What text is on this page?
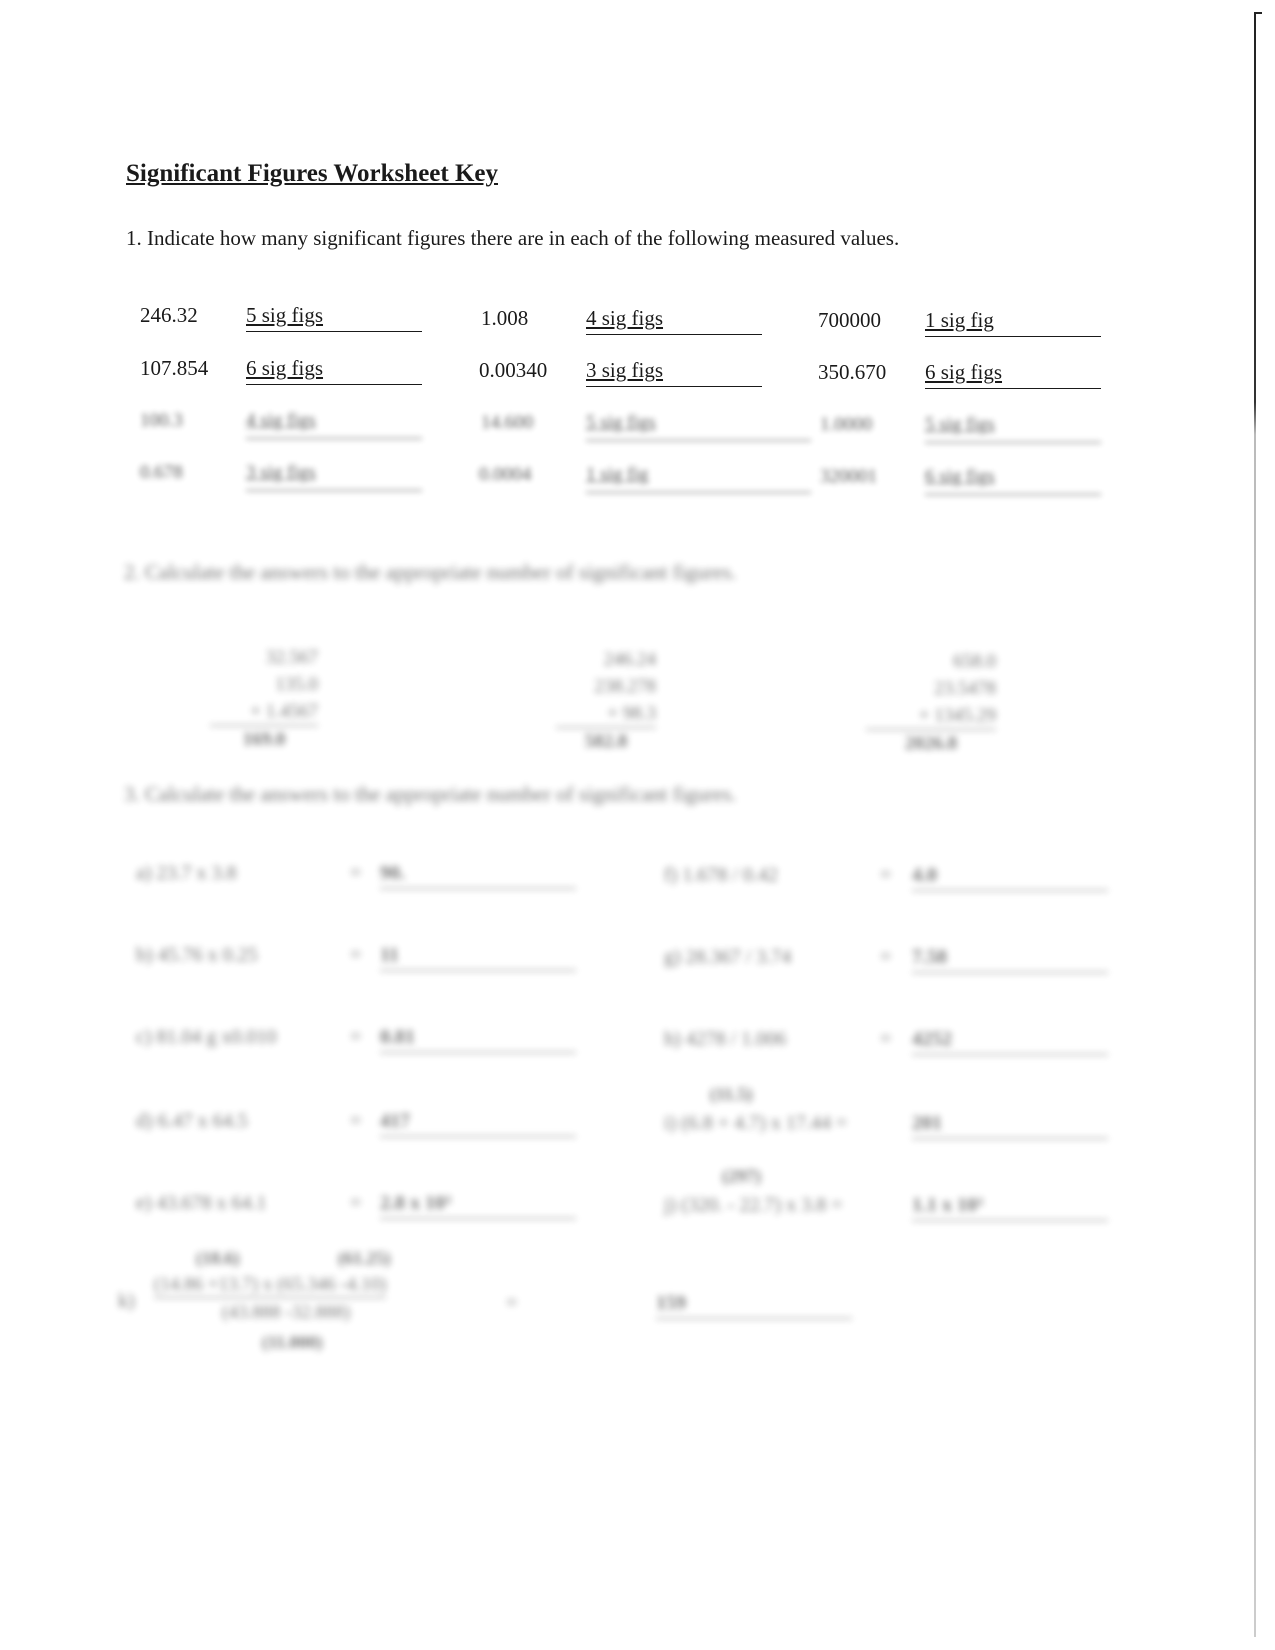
Significant Figures Worksheet Key
1. Indicate how many significant figures there are in each of the following measured values.
246.32 5 sig figs	1.008	4 sig figs	700000 1 sig fig
107.854 6 sig figs	0.00340 3 sig figs	350.670 6 sig figs
100.3	4 sig figs	14.600	5 sig figs	1.0000	5 sig figs
0.678	3 sig figs	0.0004	1 sig fig	320001	6 sig figs
2. Calculate the answers to the appropriate number of significant figures.
32.567
135.0
+ 1.4567
169.0
246.24
238.278
+ 98.3
582.8
658.0
23.5478
+ 1345.29
2026.8
3. Calculate the answers to the appropriate number of significant figures.
a) 23.7 x 3.8	= 90.	f) 1.678 / 0.42	= 4.0
b) 45.76 x 0.25	= 11	g) 28.367 / 3.74	= 7.58
c) 81.04 g x0.010	= 0.81	h) 4278 / 1.006	= 4252
d) 6.47 x 64.5	= 417
(11.5)
i) (6.8 + 4.7) x 17.44 =	201
e) 43.678 x 64.1	= 2.8 x 10³
(297)
j) (320. - 22.7) x 3.8 =	1.1 x 10³
(18.6)	(61.25)
k)
(14.86 +13.7) x (65.346 -4.10)
(43.888 -32.888)
(11.000)
=	159
